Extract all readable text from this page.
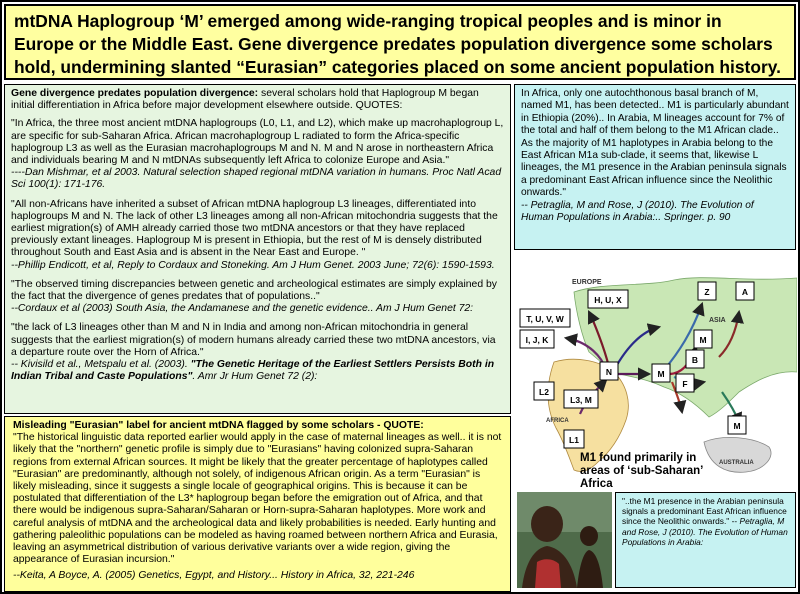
mtDNA Haplogroup ‘M’ emerged among wide-ranging tropical peoples and is minor in Europe or the Middle East. Gene divergence predates population divergence some scholars hold, undermining slanted “Eurasian” categories placed on some ancient population history.

Gene divergence predates population divergence: several scholars hold that Haplogroup M began initial differentiation in Africa before major development elsewhere outside. QUOTES:

"In Africa, the three most ancient mtDNA haplogroups (L0, L1, and L2), which make up macrohaplogroup L, are specific for sub-Saharan Africa. African macrohaplogroup L radiated to form the Africa-specific haplogroup L3 as well as the Eurasian macrohaplogroups M and N. M and N arose in northeastern Africa and individuals bearing M and N mtDNAs subsequently left Africa to colonize Europe and Asia."

----Dan Mishmar, et al 2003. Natural selection shaped regional mtDNA variation in humans. Proc Natl Acad Sci 100(1): 171-176.

"All non-Africans have inherited a subset of African mtDNA haplogroup L3 lineages, differentiated into haplogroups M and N. The lack of other L3 lineages among all non-African mitochondria suggests that the earliest migration(s) of AMH already carried those two mtDNA ancestors or that they have replaced previously extant lineages. Haplogroup M is present in Ethiopia, but the rest of M is densely distributed throughout South and East Asia and is absent in the Near East and Europe. "

--Phillip Endicott, et al, Reply to Cordaux and Stoneking. Am J Hum Genet. 2003 June; 72(6): 1590-1593.

"The observed timing discrepancies between genetic and archeological estimates are simply explained by the fact that the divergence of genes predates that of populations.."

--Cordaux et al (2003) South Asia, the Andamanese and the genetic evidence.. Am J Hum Genet 72:

"the lack of L3 lineages other than M and N in India and among non-African mitochondria in general suggests that the earliest migration(s) of modern humans already carried these two mtDNA ancestors, via a departure route over the Horn of Africa."

-- Kivisild et al., Metspalu et al. (2003). "The Genetic Heritage of the Earliest Settlers Persists Both in Indian Tribal and Caste Populations". Amr Jr Hum Genet 72 (2):

Misleading "Eurasian" label for ancient mtDNA flagged by some scholars - QUOTE:

"The historical linguistic data reported earlier would apply in the case of maternal lineages as well.. it is not likely that the "northern" genetic profile is simply due to "Eurasians" having colonized supra-Saharan regions from external African sources. It might be likely that the greater percentage of haplotypes called "Eurasian" are predominantly, although not solely, of indigenous African origin. As a term "Eurasian" is likely misleading, since it suggests a single locale of geographical origins. This is because it can be postulated that differentiation of the L3* haplogroup began before the emigration out of Africa, and that there would be indigenous supra-Saharan/Saharan or Horn-supra-Saharan haplotypes. More work and careful analysis of mtDNA and the archeological data and likely probabilities is needed. Early hunting and gathering paleolithic populations can be modeled as having roamed between northern Africa and Eurasia, leaving an asymmetrical distribution of various derivative variants over a wide region, giving the appearance of Eurasian incursion."

--Keita, A Boyce, A. (2005) Genetics, Egypt, and History... History in Africa, 32, 221-246

In Africa, only one autochthonous basal branch of M, named M1, has been detected.. M1 is particularly abundant in Ethiopia (20%).. In Arabia, M lineages account for 7% of the total and half of them belong to the M1 African clade.. As the majority of M1 haplotypes in Arabia belong to the East African M1a sub-clade, it seems that, likewise L lineages, the M1 presence in the Arabian peninsula signals a predominant East African influence since the Neolithic onwards."

-- Petraglia, M and Rose, J (2010). The Evolution of Human Populations in Arabia:.. Springer. p. 90

EUROPE
ASIA
AFRICA
AUSTRALIA
H, U, X
T, U, V, W
I, J, K
N	M
Z	A
M
B
F
M
L2
L3, M
L1
M1 found primarily in areas of ‘sub-Saharan’ Africa
"..the M1 presence in the Arabian peninsula signals a predominant East African influence since the Neolithic onwards." -- Petraglia, M and Rose, J (2010). The Evolution of Human Populations in Arabia:
